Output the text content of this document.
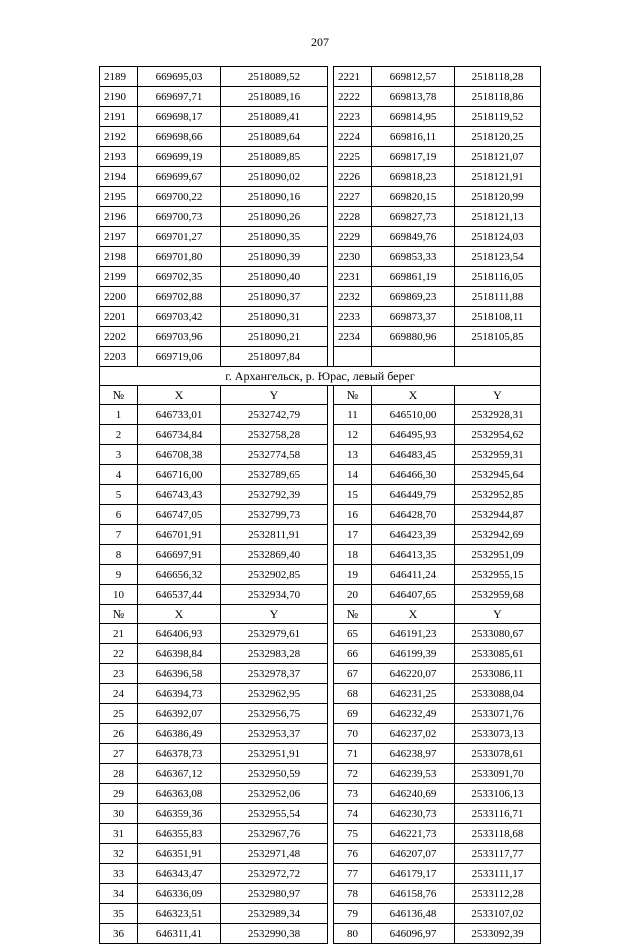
207
2189	669695,03	2518089,52		2221	669812,57	2518118,28
2190	669697,71	2518089,16		2222	669813,78	2518118,86
2191	669698,17	2518089,41		2223	669814,95	2518119,52
2192	669698,66	2518089,64		2224	669816,11	2518120,25
2193	669699,19	2518089,85		2225	669817,19	2518121,07
2194	669699,67	2518090,02		2226	669818,23	2518121,91
2195	669700,22	2518090,16		2227	669820,15	2518120,99
2196	669700,73	2518090,26		2228	669827,73	2518121,13
2197	669701,27	2518090,35		2229	669849,76	2518124,03
2198	669701,80	2518090,39		2230	669853,33	2518123,54
2199	669702,35	2518090,40		2231	669861,19	2518116,05
2200	669702,88	2518090,37		2232	669869,23	2518111,88
2201	669703,42	2518090,31		2233	669873,37	2518108,11
2202	669703,96	2518090,21		2234	669880,96	2518105,85
2203	669719,06	2518097,84				
г. Архангельск, р. Юрас, левый берег						
№	X	Y		№	X	Y
1	646733,01	2532742,79		11	646510,00	2532928,31
2	646734,84	2532758,28		12	646495,93	2532954,62
3	646708,38	2532774,58		13	646483,45	2532959,31
4	646716,00	2532789,65		14	646466,30	2532945,64
5	646743,43	2532792,39		15	646449,79	2532952,85
6	646747,05	2532799,73		16	646428,70	2532944,87
7	646701,91	2532811,91		17	646423,39	2532942,69
8	646697,91	2532869,40		18	646413,35	2532951,09
9	646656,32	2532902,85		19	646411,24	2532955,15
10	646537,44	2532934,70		20	646407,65	2532959,68
№	X	Y		№	X	Y
21	646406,93	2532979,61		65	646191,23	2533080,67
22	646398,84	2532983,28		66	646199,39	2533085,61
23	646396,58	2532978,37		67	646220,07	2533086,11
24	646394,73	2532962,95		68	646231,25	2533088,04
25	646392,07	2532956,75		69	646232,49	2533071,76
26	646386,49	2532953,37		70	646237,02	2533073,13
27	646378,73	2532951,91		71	646238,97	2533078,61
28	646367,12	2532950,59		72	646239,53	2533091,70
29	646363,08	2532952,06		73	646240,69	2533106,13
30	646359,36	2532955,54		74	646230,73	2533116,71
31	646355,83	2532967,76		75	646221,73	2533118,68
32	646351,91	2532971,48		76	646207,07	2533117,77
33	646343,47	2532972,72		77	646179,17	2533111,17
34	646336,09	2532980,97		78	646158,76	2533112,28
35	646323,51	2532989,34		79	646136,48	2533107,02
36	646311,41	2532990,38		80	646096,97	2533092,39
